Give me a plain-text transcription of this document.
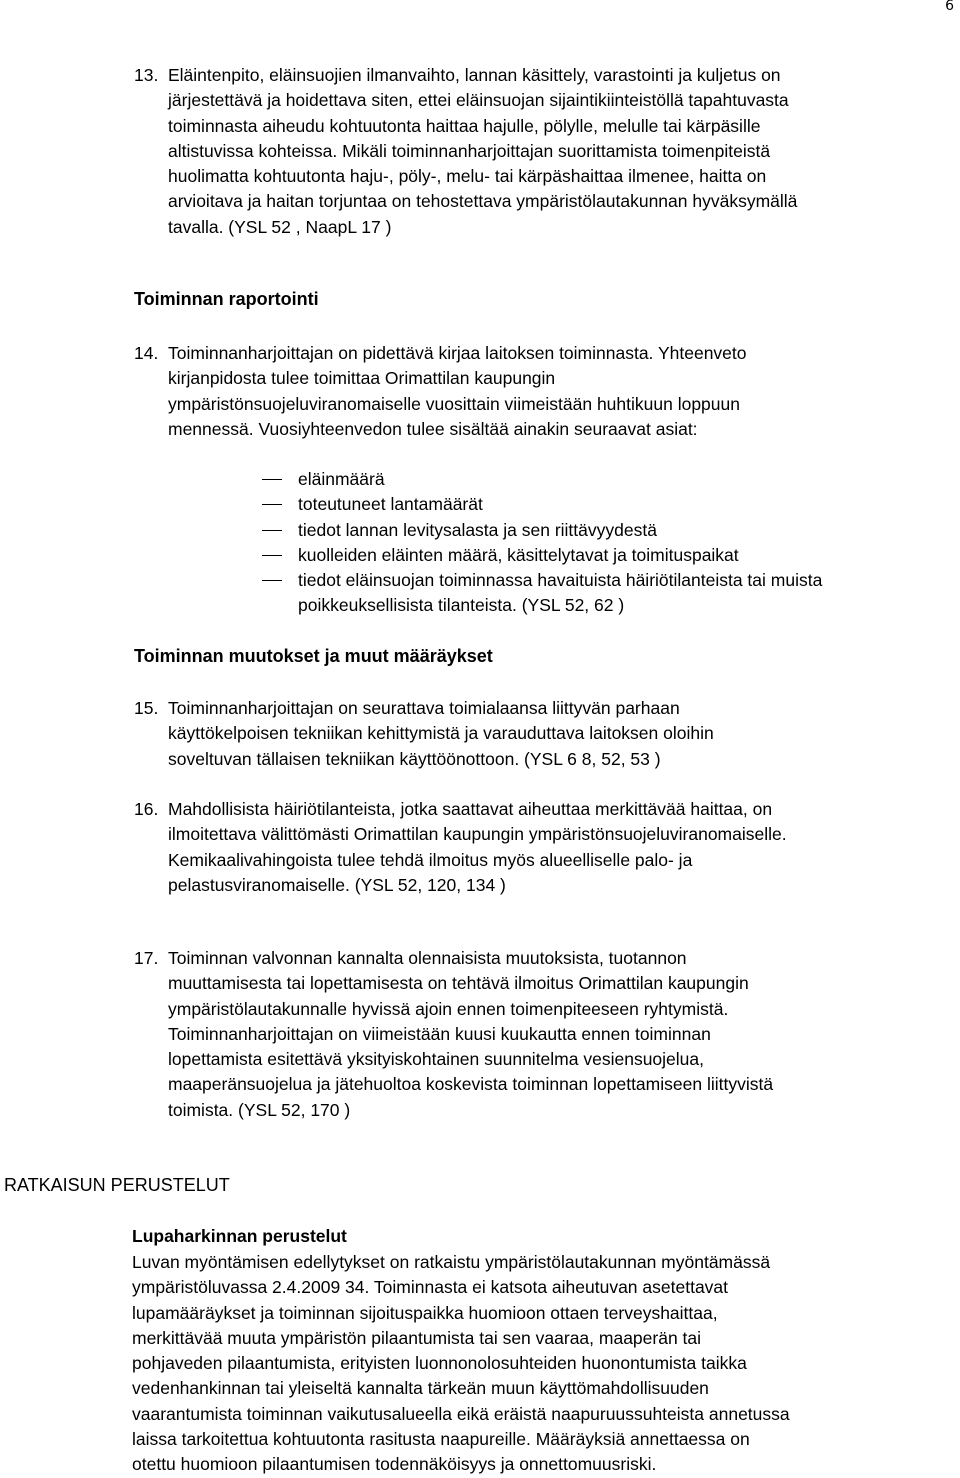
6
13. Eläintenpito, eläinsuojien ilmanvaihto, lannan käsittely, varastointi ja kuljetus on
järjestettävä ja hoidettava siten, ettei eläinsuojan sijaintikiinteistöllä tapahtuvasta
toiminnasta aiheudu kohtuutonta haittaa hajulle, pölylle, melulle tai kärpäsille
altistuvissa kohteissa. Mikäli toiminnanharjoittajan suorittamista toimenpiteistä
huolimatta kohtuutonta haju-, pöly-, melu- tai kärpäshaittaa ilmenee, haitta on
arvioitava ja haitan torjuntaa on tehostettava ympäristölautakunnan hyväksymällä
tavalla. (YSL 52 , NaapL 17 )
Toiminnan raportointi
14. Toiminnanharjoittajan on pidettävä kirjaa laitoksen toiminnasta. Yhteenveto
kirjanpidosta tulee toimittaa Orimattilan kaupungin
ympäristönsuojeluviranomaiselle vuosittain viimeistään huhtikuun loppuun
mennessä. Vuosiyhteenvedon tulee sisältää ainakin seuraavat asiat:
eläinmäärä
toteutuneet lantamäärät
tiedot lannan levitysalasta ja sen riittävyydestä
kuolleiden eläinten määrä, käsittelytavat ja toimituspaikat
tiedot eläinsuojan toiminnassa havaituista häiriötilanteista tai muista
poikkeuksellisista tilanteista. (YSL 52, 62 )
Toiminnan muutokset ja muut määräykset
15. Toiminnanharjoittajan on seurattava toimialaansa liittyvän parhaan
käyttökelpoisen tekniikan kehittymistä ja varauduttava laitoksen oloihin
soveltuvan tällaisen tekniikan käyttöönottoon. (YSL 6 8, 52, 53 )
16. Mahdollisista häiriötilanteista, jotka saattavat aiheuttaa merkittävää haittaa, on
ilmoitettava välittömästi Orimattilan kaupungin ympäristönsuojeluviranomaiselle.
Kemikaalivahingoista tulee tehdä ilmoitus myös alueelliselle palo- ja
pelastusviranomaiselle. (YSL 52, 120, 134 )
17. Toiminnan valvonnan kannalta olennaisista muutoksista, tuotannon
muuttamisesta tai lopettamisesta on tehtävä ilmoitus Orimattilan kaupungin
ympäristölautakunnalle hyvissä ajoin ennen toimenpiteeseen ryhtymistä.
Toiminnanharjoittajan on viimeistään kuusi kuukautta ennen toiminnan
lopettamista esitettävä yksityiskohtainen suunnitelma vesiensuojelua,
maaperänsuojelua ja jätehuoltoa koskevista toiminnan lopettamiseen liittyvistä
toimista. (YSL 52, 170 )
RATKAISUN PERUSTELUT
Lupaharkinnan perustelut
Luvan myöntämisen edellytykset on ratkaistu ympäristölautakunnan myöntämässä
ympäristöluvassa 2.4.2009 34. Toiminnasta ei katsota aiheutuvan asetettavat
lupamääräykset ja toiminnan sijoituspaikka huomioon ottaen terveyshaittaa,
merkittävää muuta ympäristön pilaantumista tai sen vaaraa, maaperän tai
pohjaveden pilaantumista, erityisten luonnonolosuhteiden huonontumista taikka
vedenhankinnan tai yleiseltä kannalta tärkeän muun käyttömahdollisuuden
vaarantumista toiminnan vaikutusalueella eikä eräistä naapuruussuhteista annetussa
laissa tarkoitettua kohtuutonta rasitusta naapureille. Määräyksiä annettaessa on
otettu huomioon pilaantumisen todennäköisyys ja onnettomuusriski.
